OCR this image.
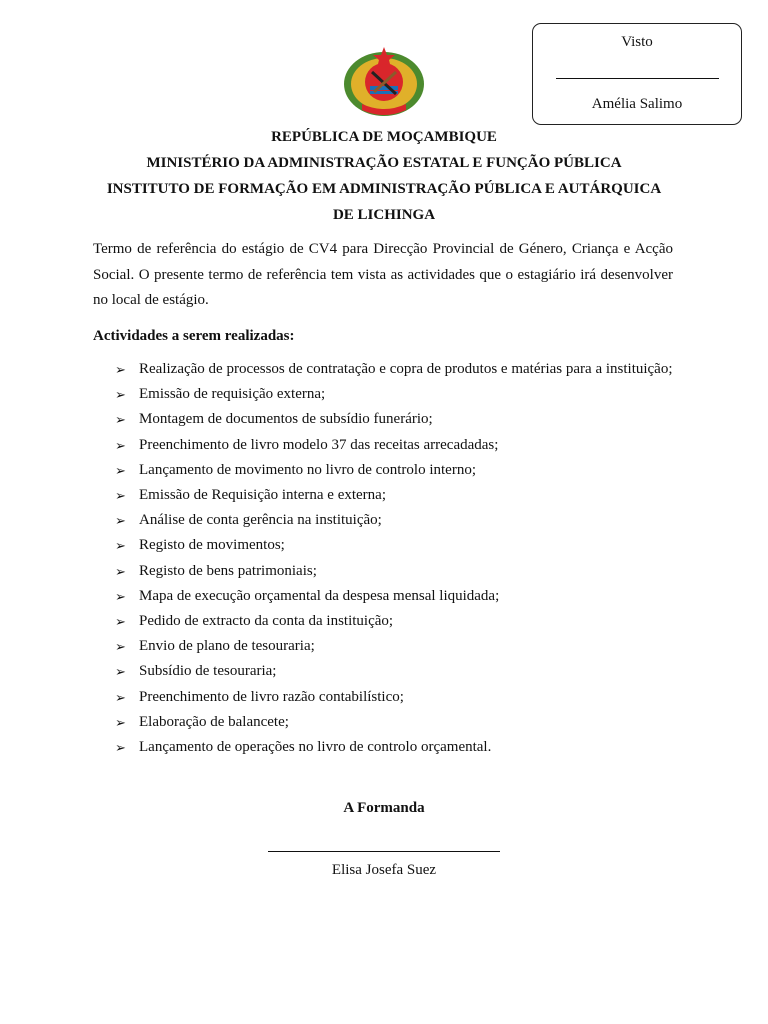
Visto
Amélia Salimo
REPÚBLICA DE MOÇAMBIQUE
MINISTÉRIO DA ADMINISTRAÇÃO ESTATAL E FUNÇÃO PÚBLICA
INSTITUTO DE FORMAÇÃO EM ADMINISTRAÇÃO PÚBLICA E AUTÁRQUICA
DE LICHINGA
Termo de referência do estágio de CV4 para Direcção Provincial de Género, Criança e Acção Social. O presente termo de referência tem vista as actividades que o estagiário irá desenvolver no local de estágio.
Actividades a serem realizadas:
➢ Realização de processos de contratação e copra de produtos e matérias para a instituição;
➢ Emissão de requisição externa;
➢ Montagem de documentos de subsídio funerário;
➢ Preenchimento de livro modelo 37 das receitas arrecadadas;
➢ Lançamento de movimento no livro de controlo interno;
➢ Emissão de Requisição interna e externa;
➢ Análise de conta gerência na instituição;
➢ Registo de movimentos;
➢ Registo de bens patrimoniais;
➢ Mapa de execução orçamental da despesa mensal liquidada;
➢ Pedido de extracto da conta da instituição;
➢ Envio de plano de tesouraria;
➢ Subsídio de tesouraria;
➢ Preenchimento de livro razão contabilístico;
➢ Elaboração de balancete;
➢ Lançamento de operações no livro de controlo orçamental.
A Formanda
Elisa Josefa Suez
